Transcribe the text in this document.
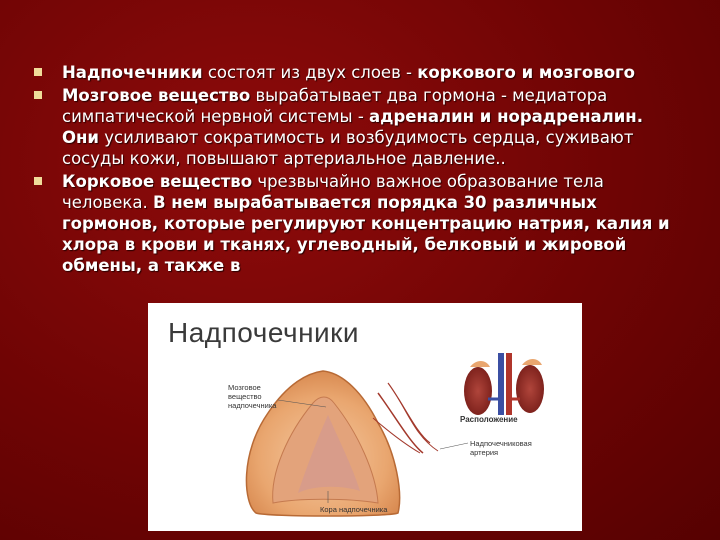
Надпочечники состоят из двух слоев - коркового и мозгового
Мозговое вещество вырабатывает два гормона - медиатора симпатической нервной системы - адреналин и норадреналин. Они усиливают сократимость и возбудимость сердца, суживают сосуды кожи, повышают артериальное давление..
Корковое вещество чрезвычайно важное образование тела человека. В нем вырабатывается порядка 30 различных гормонов, которые регулируют концентрацию натрия, калия и хлора в крови и тканях, углеводный, белковый и жировой обмены, а также в
Надпочечники
Мозговое вещество надпочечника
Расположение
Надпочечниковая артерия
Кора надпочечника
